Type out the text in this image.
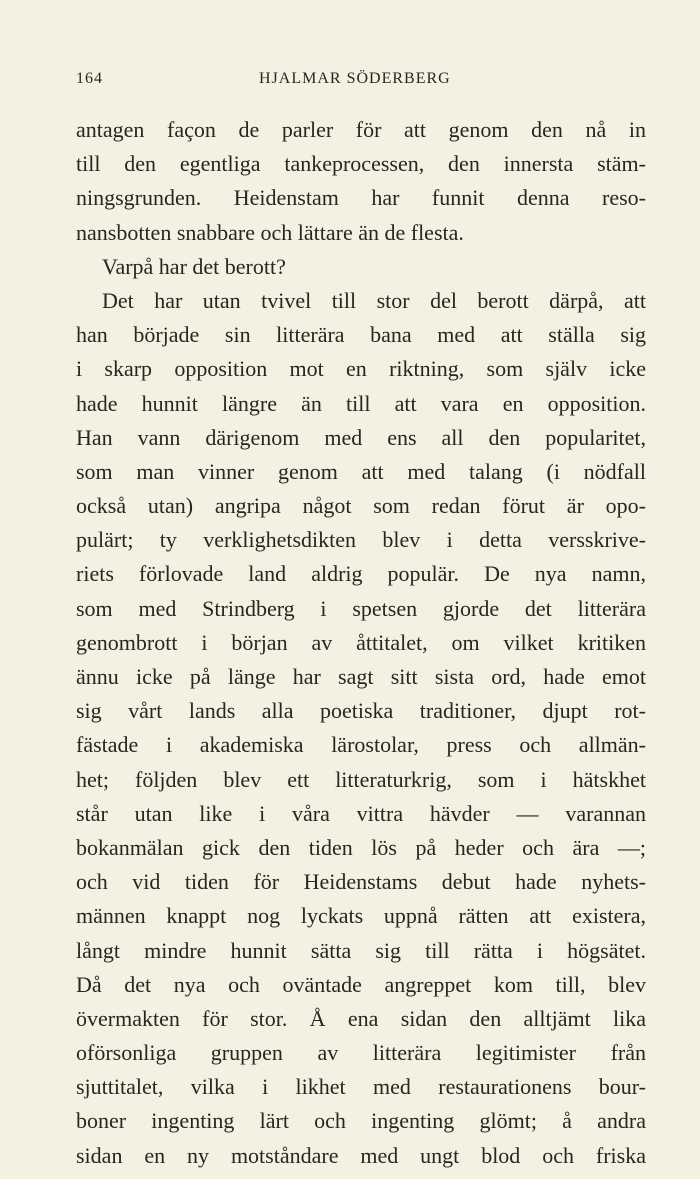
164	HJALMAR SÖDERBERG
antagen façon de parler för att genom den nå in
till den egentliga tankeprocessen, den innersta stäm-
ningsgrunden. Heidenstam har funnit denna reso-
nansbotten snabbare och lättare än de flesta.
Varpå har det berott?
Det har utan tvivel till stor del berott därpå, att
han började sin litterära bana med att ställa sig
i skarp opposition mot en riktning, som själv icke
hade hunnit längre än till att vara en opposition.
Han vann därigenom med ens all den popularitet,
som man vinner genom att med talang (i nödfall
också utan) angripa något som redan förut är opo-
pulärt; ty verklighetsdikten blev i detta versskrive-
riets förlovade land aldrig populär. De nya namn,
som med Strindberg i spetsen gjorde det litterära
genombrott i början av åttitalet, om vilket kritiken
ännu icke på länge har sagt sitt sista ord, hade emot
sig vårt lands alla poetiska traditioner, djupt rot-
fästade i akademiska lärostolar, press och allmän-
het; följden blev ett litteraturkrig, som i hätskhet
står utan like i våra vittra hävder — varannan
bokanmälan gick den tiden lös på heder och ära —;
och vid tiden för Heidenstams debut hade nyhets-
männen knappt nog lyckats uppnå rätten att existera,
långt mindre hunnit sätta sig till rätta i högsätet.
Då det nya och oväntade angreppet kom till, blev
övermakten för stor. Å ena sidan den alltjämt lika
oförsonliga gruppen av litterära legitimister från
sjuttitalet, vilka i likhet med restaurationens bour-
boner ingenting lärt och ingenting glömt; å andra
sidan en ny motståndare med ungt blod och friska
